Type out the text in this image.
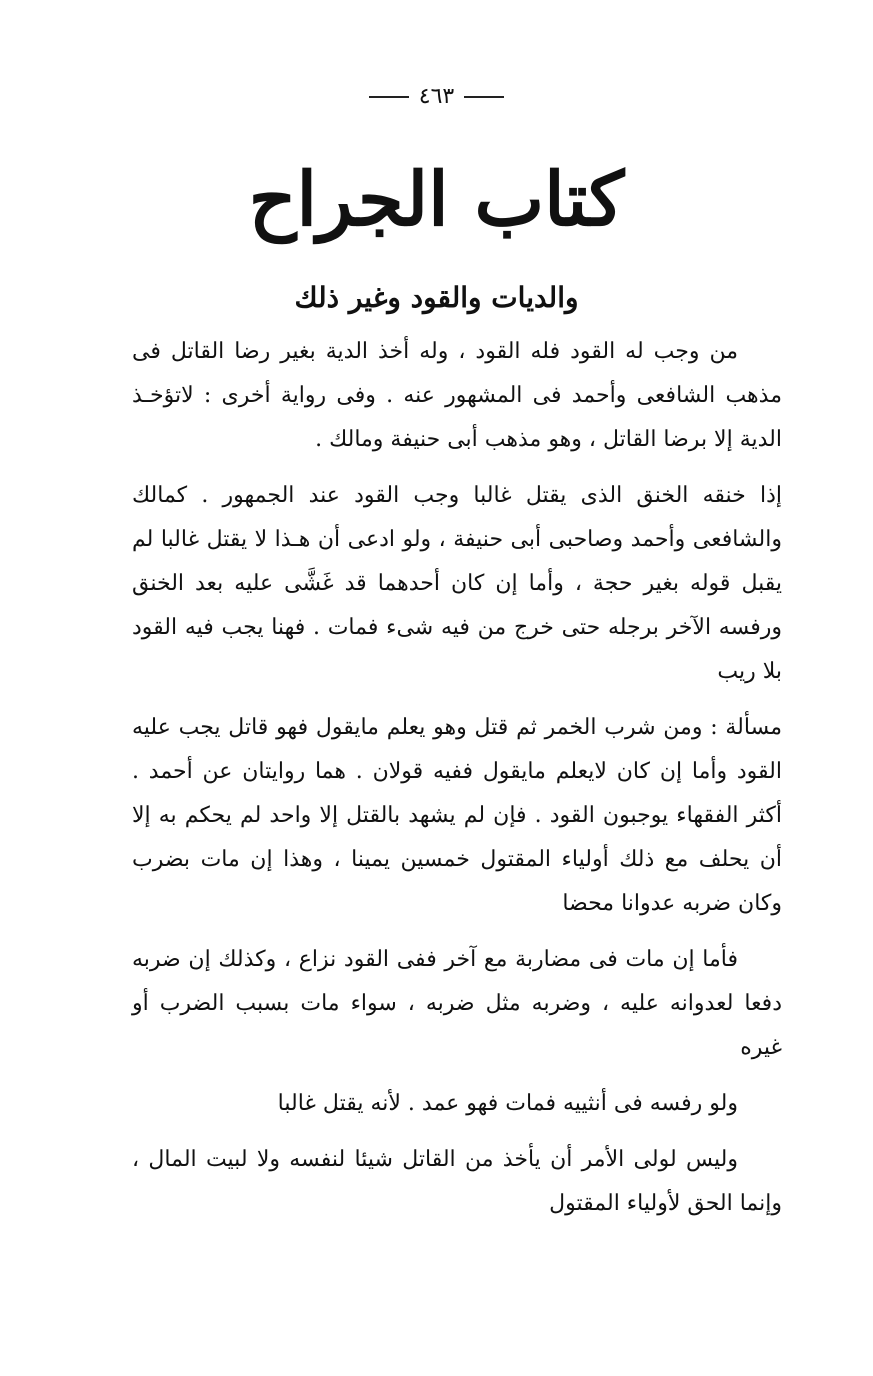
٤٦٣
كتاب الجراح
والديات والقود وغير ذلك

من وجب له القود فله القود ، وله أخذ الدية بغير رضا القاتل فى مذهب الشافعى وأحمد فى المشهور عنه . وفى رواية أخرى : لاتؤخـذ الدية إلا برضا القاتل ، وهو مذهب أبى حنيفة ومالك .

إذا خنقه الخنق الذى يقتل غالبا وجب القود عند الجمهور . كمالك والشافعى وأحمد وصاحبى أبى حنيفة ، ولو ادعى أن هـذا لا يقتل غالبا لم يقبل قوله بغير حجة ، وأما إن كان أحدهما قد غَشَّى عليه بعد الخنق ورفسه الآخر برجله حتى خرج من فيه شىء فمات . فهنا يجب فيه القود بلا ريب

مسألة : ومن شرب الخمر ثم قتل وهو يعلم مايقول فهو قاتل يجب عليه القود وأما إن كان لايعلم مايقول ففيه قولان . هما روايتان عن أحمد . أكثر الفقهاء يوجبون القود . فإن لم يشهد بالقتل إلا واحد لم يحكم به إلا أن يحلف مع ذلك أولياء المقتول خمسين يمينا ، وهذا إن مات بضرب وكان ضربه عدوانا محضا

فأما إن مات فى مضاربة مع آخر ففى القود نزاع ، وكذلك إن ضربه دفعا لعدوانه عليه ، وضربه مثل ضربه ، سواء مات بسبب الضرب أو غيره

ولو رفسه فى أنثييه فمات فهو عمد . لأنه يقتل غالبا

وليس لولى الأمر أن يأخذ من القاتل شيئا لنفسه ولا لبيت المال ، وإنما الحق لأولياء المقتول
